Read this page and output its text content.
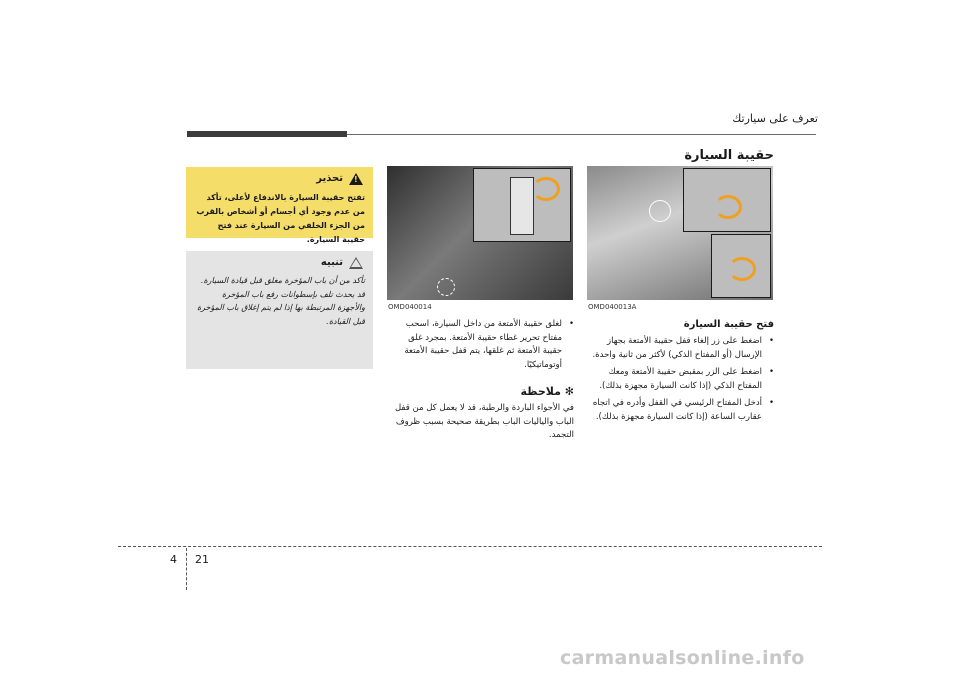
تعرف على سيارتك
حقيبة السيارة
OMD040014	OMD040013A
!
تحذير
تفتح حقيبة السيارة بالاندفاع لأعلى، تأكد من عدم وجود أي أجسام أو أشخاص بالقرب من الجزء الخلفي من السيارة عند فتح حقيبة السيارة.
تنبيه
تأكد من أن باب المؤخرة مغلق قبل قيادة السيارة. قد يحدث تلف بإسطوانات رفع باب المؤخرة والأجهزة المرتبطة بها إذا لم يتم إغلاق باب المؤخرة قبل القيادة.
•	لغلق حقيبة الأمتعة من داخل السيارة، اسحب مفتاح تحرير غطاء حقيبة الأمتعة. بمجرد غلق حقيبة الأمتعة ثم غلقها، يتم قفل حقيبة الأمتعة أوتوماتيكيًا.
✻ ملاحظة
في الأجواء الباردة والرطبة، قد لا يعمل كل من قفل الباب والياليات الباب بطريقة صحيحة بسبب ظروف التجمد.
فتح حقيبة السيارة
• اضغط على زر إلغاء قفل حقيبة الأمتعة بجهاز الإرسال (أو المفتاح الذكي) لأكثر من ثانية واحدة.
• اضغط على الزر بمقبض حقيبة الأمتعة ومعك المفتاح الذكي (إذا كانت السيارة مجهزة بذلك).
• أدخل المفتاح الرئيسي في القفل وأدره في اتجاه عقارب الساعة (إذا كانت السيارة مجهزة بذلك).
4 21
carmanualsonline.info
